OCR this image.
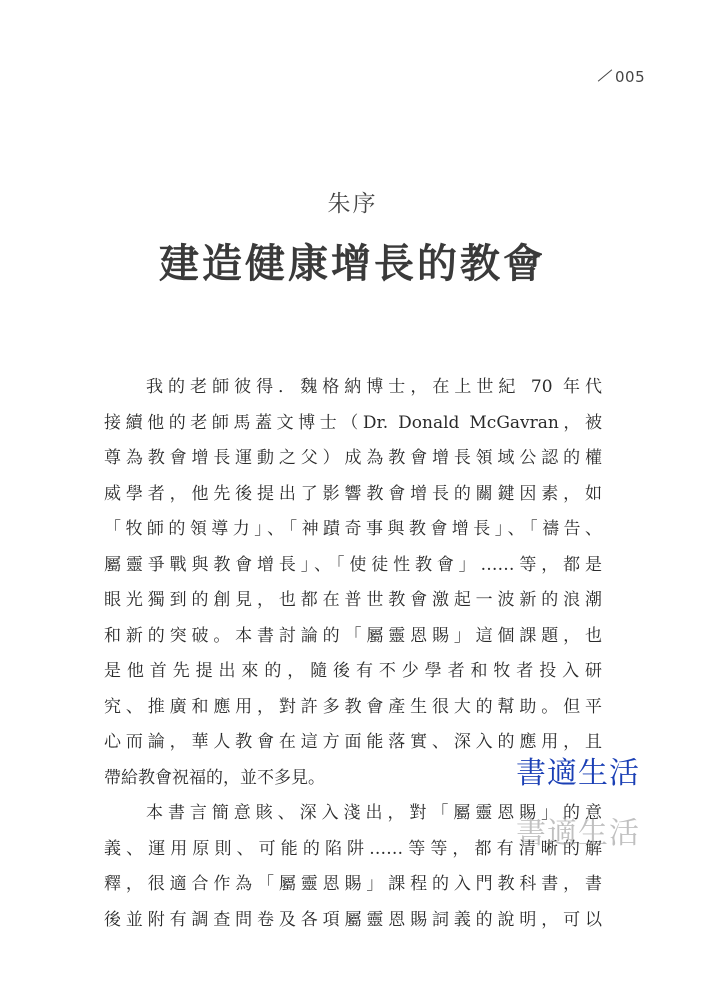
005
朱序
建造健康增長的教會
我的老師彼得．魏格納博士，在上世紀 70 年代
接續他的老師馬蓋文博士（Dr. Donald McGavran，被
尊為教會增長運動之父）成為教會增長領域公認的權
威學者，他先後提出了影響教會增長的關鍵因素，如
「牧師的領導力」、「神蹟奇事與教會增長」、「禱告、
屬靈爭戰與教會增長」、「使徒性教會」……等，都是
眼光獨到的創見，也都在普世教會激起一波新的浪潮
和新的突破。本書討論的「屬靈恩賜」這個課題，也
是他首先提出來的，隨後有不少學者和牧者投入研
究、推廣和應用，對許多教會產生很大的幫助。但平
心而論，華人教會在這方面能落實、深入的應用，且
帶給教會祝福的，並不多見。
本書言簡意賅、深入淺出，對「屬靈恩賜」的意
義、運用原則、可能的陷阱……等等，都有清晰的解
釋，很適合作為「屬靈恩賜」課程的入門教科書，書
後並附有調查問卷及各項屬靈恩賜詞義的說明，可以
書適生活
書適生活
